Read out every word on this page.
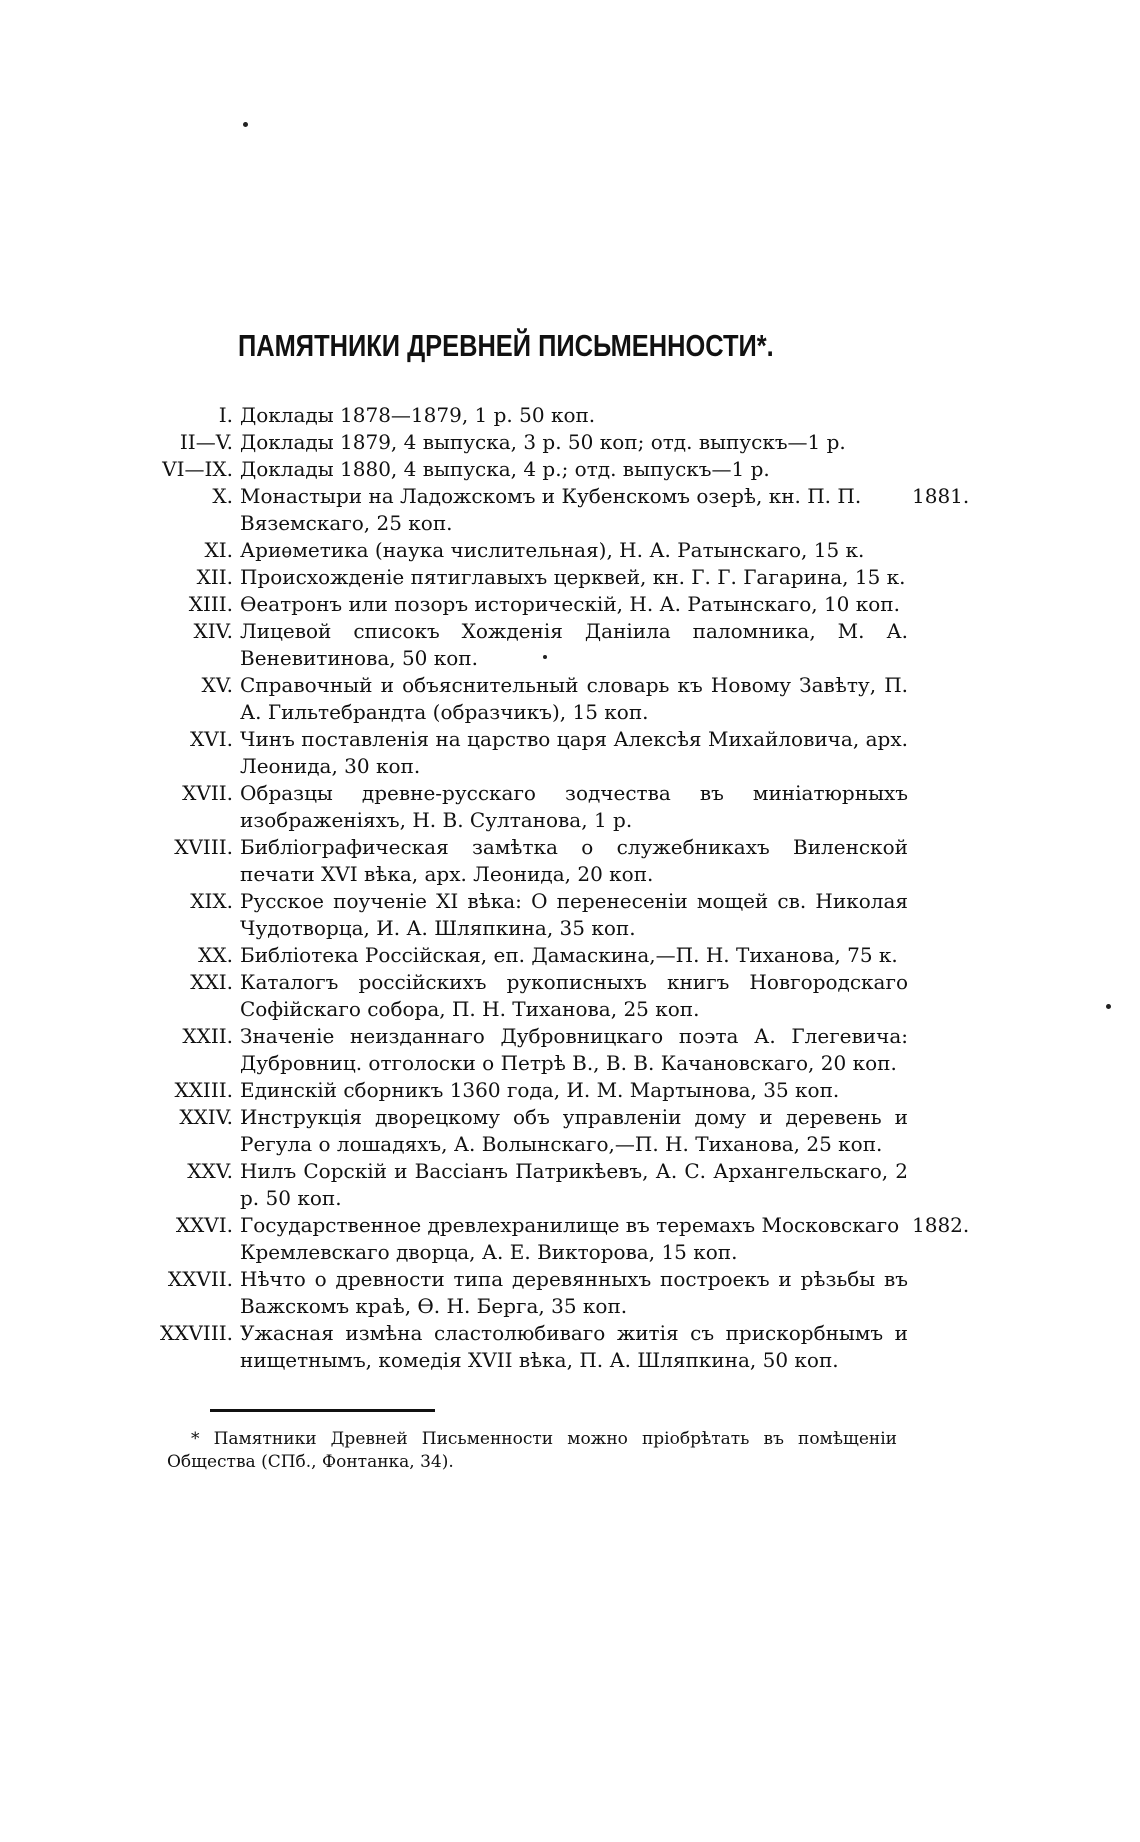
ПАМЯТНИКИ ДРЕВНЕЙ ПИСЬМЕННОСТИ*.
I. Доклады 1878—1879, 1 р. 50 коп.
II—V. Доклады 1879, 4 выпуска, 3 р. 50 коп; отд. выпускъ—1 р.
VI—IX. Доклады 1880, 4 выпуска, 4 р.; отд. выпускъ—1 р.
X. Монастыри на Ладожскомъ и Кубенскомъ озерѣ, кн. П. П.
Вяземскаго, 25 коп.
1881.
XI. Ариѳметика (наука числительная), Н. А. Ратынскаго, 15 к.
XII. Происхожденіе пятиглавыхъ церквей, кн. Г. Г. Гагарина, 15 к.
XIII. Ѳеатронъ или позоръ историческій, Н. А. Ратынскаго, 10 коп.
XIV. Лицевой списокъ Хожденія Данiила паломника, М. А. Веневитинова, 50 коп.
XV. Справочный и объяснительный словарь къ Новому Завѣту, П. А. Гильтебрандта (образчикъ), 15 коп.
XVI. Чинъ поставленія на царство царя Алексѣя Михайловича, арх. Леонида, 30 коп.
XVII. Образцы древне-русскаго зодчества въ миніатюрныхъ изображеніяхъ, Н. В. Султанова, 1 р.
XVIII. Библіографическая замѣтка о служебникахъ Виленской печати XVI вѣка, арх. Леонида, 20 коп.
XIX. Русское поученіе XI вѣка: О перенесеніи мощей св. Николая Чудотворца, И. А. Шляпкина, 35 коп.
XX. Библіотека Россійская, еп. Дамаскина,—П. Н. Тиханова, 75 к.
XXI. Каталогъ россійскихъ рукописныхъ книгъ Новгородскаго Софійскаго собора, П. Н. Тиханова, 25 коп.
XXII. Значеніе неизданнаго Дубровницкаго поэта А. Глегевича: Дубровниц. отголоски о Петрѣ В., В. В. Качановскаго, 20 коп.
XXIII. Единскій сборникъ 1360 года, И. М. Мартынова, 35 коп.
XXIV. Инструкція дворецкому объ управленіи дому и деревень и Регула о лошадяхъ, А. Волынскаго,—П. Н. Тиханова, 25 коп.
XXV. Нилъ Сорскій и Вассіанъ Патрикѣевъ, А. С. Архангельскаго, 2 р. 50 коп.
XXVI. Государственное древлехранилище въ теремахъ Московскаго
Кремлевскаго дворца, А. Е. Викторова, 15 коп.
1882.
XXVII. Нѣчто о древности типа деревянныхъ построекъ и рѣзьбы въ Важскомъ краѣ, Ѳ. Н. Берга, 35 коп.
XXVIII. Ужасная измѣна сластолюбиваго житія съ прискорбнымъ и нищетнымъ, комедія XVII вѣка, П. А. Шляпкина, 50 коп.
* Памятники Древней Письменности можно пріобрѣтать въ помѣщеніи Общества (СПб., Фонтанка, 34).
